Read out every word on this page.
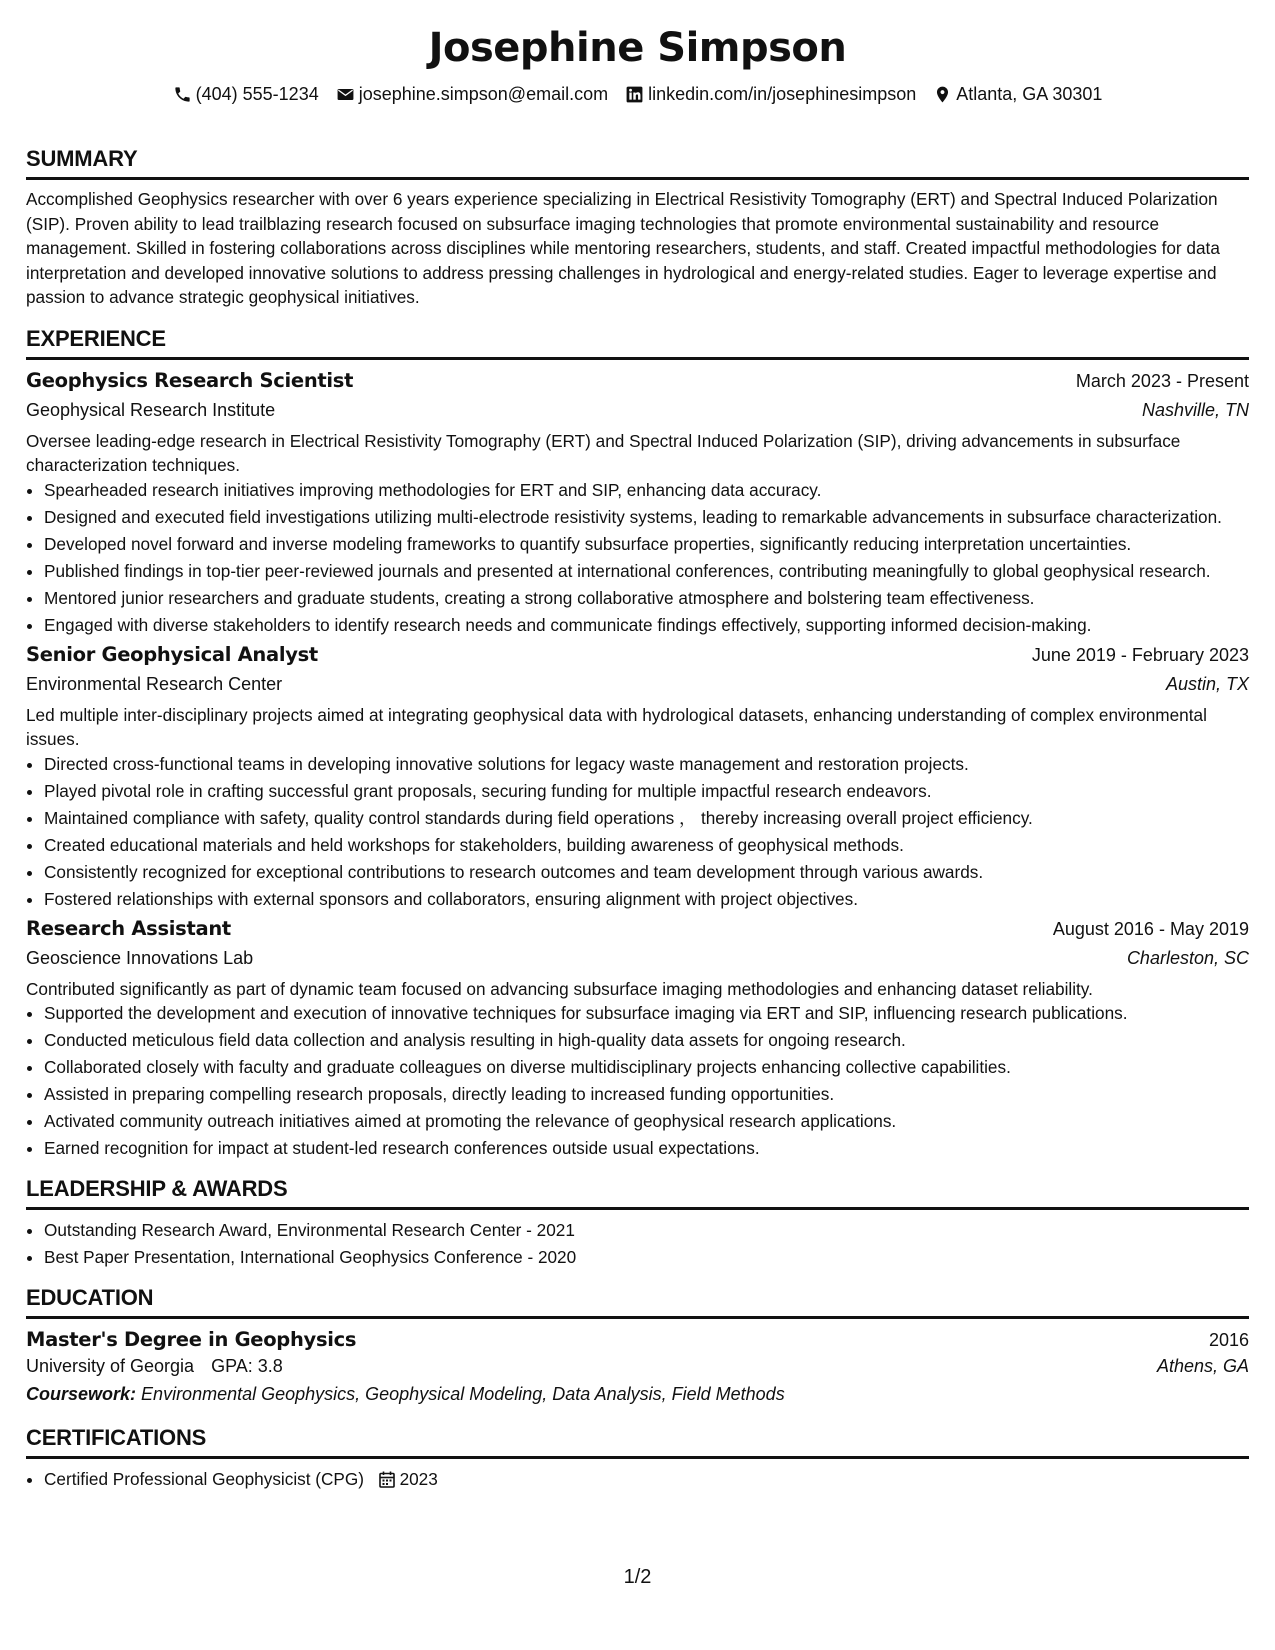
Josephine Simpson
(404) 555-1234 josephine.simpson@email.com linkedin.com/in/josephinesimpson Atlanta, GA 30301
SUMMARY
Accomplished Geophysics researcher with over 6 years experience specializing in Electrical Resistivity Tomography (ERT) and Spectral Induced Polarization (SIP). Proven ability to lead trailblazing research focused on subsurface imaging technologies that promote environmental sustainability and resource management. Skilled in fostering collaborations across disciplines while mentoring researchers, students, and staff. Created impactful methodologies for data interpretation and developed innovative solutions to address pressing challenges in hydrological and energy-related studies. Eager to leverage expertise and passion to advance strategic geophysical initiatives.
EXPERIENCE
Geophysics Research Scientist	March 2023 - Present
Geophysical Research Institute	Nashville, TN
Oversee leading-edge research in Electrical Resistivity Tomography (ERT) and Spectral Induced Polarization (SIP), driving advancements in subsurface characterization techniques.
• Spearheaded research initiatives improving methodologies for ERT and SIP, enhancing data accuracy.
• Designed and executed field investigations utilizing multi-electrode resistivity systems, leading to remarkable advancements in subsurface characterization.
• Developed novel forward and inverse modeling frameworks to quantify subsurface properties, significantly reducing interpretation uncertainties.
• Published findings in top-tier peer-reviewed journals and presented at international conferences, contributing meaningfully to global geophysical research.
• Mentored junior researchers and graduate students, creating a strong collaborative atmosphere and bolstering team effectiveness.
• Engaged with diverse stakeholders to identify research needs and communicate findings effectively, supporting informed decision-making.
Senior Geophysical Analyst	June 2019 - February 2023
Environmental Research Center	Austin, TX
Led multiple inter-disciplinary projects aimed at integrating geophysical data with hydrological datasets, enhancing understanding of complex environmental issues.
• Directed cross-functional teams in developing innovative solutions for legacy waste management and restoration projects.
• Played pivotal role in crafting successful grant proposals, securing funding for multiple impactful research endeavors.
• Maintained compliance with safety, quality control standards during field operations ， thereby increasing overall project efficiency.
• Created educational materials and held workshops for stakeholders, building awareness of geophysical methods.
• Consistently recognized for exceptional contributions to research outcomes and team development through various awards.
• Fostered relationships with external sponsors and collaborators, ensuring alignment with project objectives.
Research Assistant	August 2016 - May 2019
Geoscience Innovations Lab	Charleston, SC
Contributed significantly as part of dynamic team focused on advancing subsurface imaging methodologies and enhancing dataset reliability.
• Supported the development and execution of innovative techniques for subsurface imaging via ERT and SIP, influencing research publications.
• Conducted meticulous field data collection and analysis resulting in high-quality data assets for ongoing research.
• Collaborated closely with faculty and graduate colleagues on diverse multidisciplinary projects enhancing collective capabilities.
• Assisted in preparing compelling research proposals, directly leading to increased funding opportunities.
• Activated community outreach initiatives aimed at promoting the relevance of geophysical research applications.
• Earned recognition for impact at student-led research conferences outside usual expectations.
LEADERSHIP & AWARDS
• Outstanding Research Award, Environmental Research Center - 2021
• Best Paper Presentation, International Geophysics Conference - 2020
EDUCATION
Master's Degree in Geophysics	2016
University of Georgia GPA: 3.8	Athens, GA
Coursework: Environmental Geophysics, Geophysical Modeling, Data Analysis, Field Methods
CERTIFICATIONS
• Certified Professional Geophysicist (CPG) 2023
1/2
